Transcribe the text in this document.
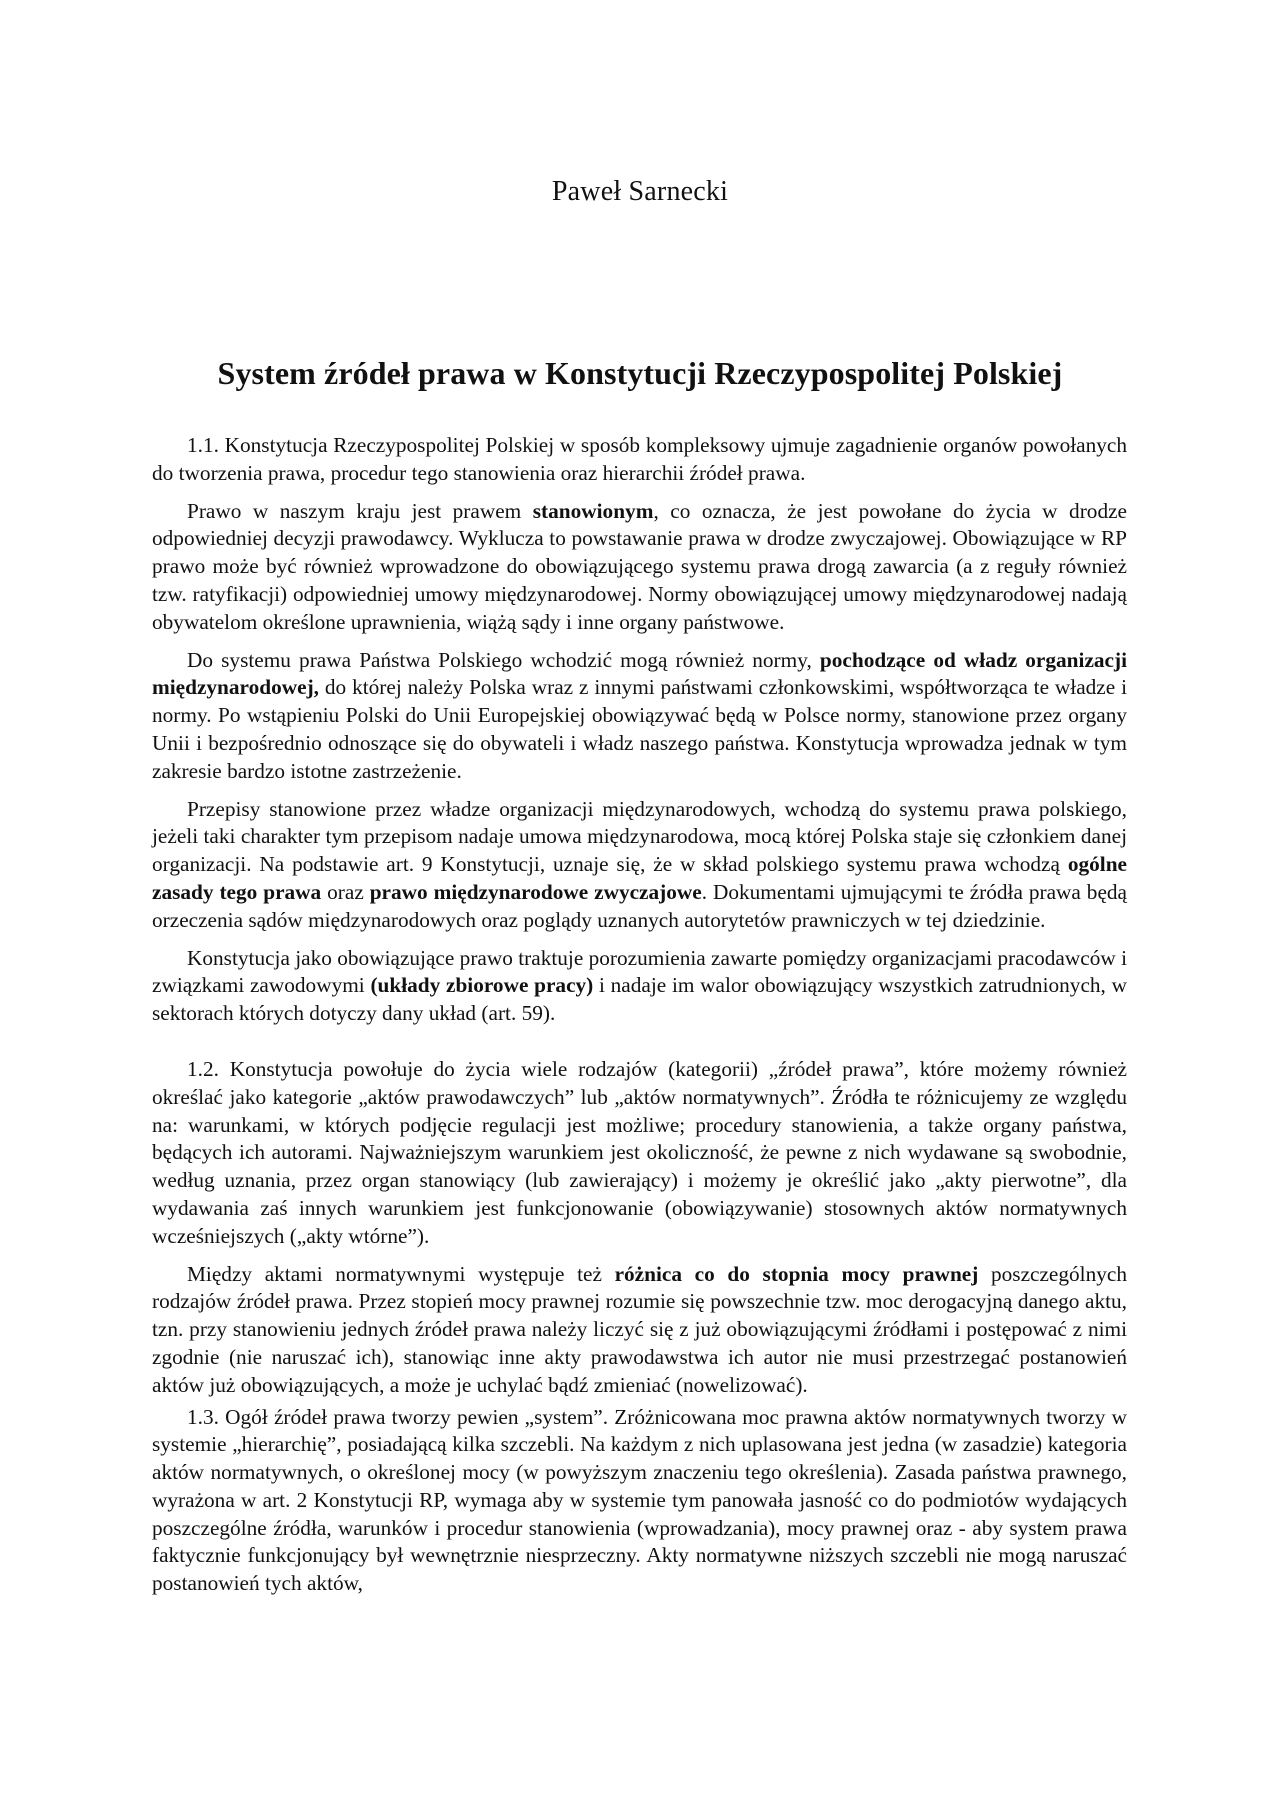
Paweł Sarnecki
System źródeł prawa w Konstytucji Rzeczypospolitej Polskiej

1.1. Konstytucja Rzeczypospolitej Polskiej w sposób kompleksowy ujmuje zagadnienie organów powołanych do tworzenia prawa, procedur tego stanowienia oraz hierarchii źródeł prawa.

Prawo w naszym kraju jest prawem stanowionym, co oznacza, że jest powołane do życia w drodze odpowiedniej decyzji prawodawcy. Wyklucza to powstawanie prawa w drodze zwyczajowej. Obowiązujące w RP prawo może być również wprowadzone do obowiązującego systemu prawa drogą zawarcia (a z reguły również tzw. ratyfikacji) odpowiedniej umowy międzynarodowej. Normy obowiązującej umowy międzynarodowej nadają obywatelom określone uprawnienia, wiążą sądy i inne organy państwowe.

Do systemu prawa Państwa Polskiego wchodzić mogą również normy, pochodzące od władz organizacji międzynarodowej, do której należy Polska wraz z innymi państwami członkowskimi, współtworząca te władze i normy. Po wstąpieniu Polski do Unii Europejskiej obowiązywać będą w Polsce normy, stanowione przez organy Unii i bezpośrednio odnoszące się do obywateli i władz naszego państwa. Konstytucja wprowadza jednak w tym zakresie bardzo istotne zastrzeżenie.

Przepisy stanowione przez władze organizacji międzynarodowych, wchodzą do systemu prawa polskiego, jeżeli taki charakter tym przepisom nadaje umowa międzynarodowa, mocą której Polska staje się członkiem danej organizacji. Na podstawie art. 9 Konstytucji, uznaje się, że w skład polskiego systemu prawa wchodzą ogólne zasady tego prawa oraz prawo międzynarodowe zwyczajowe. Dokumentami ujmującymi te źródła prawa będą orzeczenia sądów międzynarodowych oraz poglądy uznanych autorytetów prawniczych w tej dziedzinie.

Konstytucja jako obowiązujące prawo traktuje porozumienia zawarte pomiędzy organizacjami pracodawców i związkami zawodowymi (układy zbiorowe pracy) i nadaje im walor obowiązujący wszystkich zatrudnionych, w sektorach których dotyczy dany układ (art. 59).

1.2. Konstytucja powołuje do życia wiele rodzajów (kategorii) „źródeł prawa”, które możemy również określać jako kategorie „aktów prawodawczych” lub „aktów normatywnych”. Źródła te różnicujemy ze względu na: warunkami, w których podjęcie regulacji jest możliwe; procedury stanowienia, a także organy państwa, będących ich autorami. Najważniejszym warunkiem jest okoliczność, że pewne z nich wydawane są swobodnie, według uznania, przez organ stanowiący (lub zawierający) i możemy je określić jako „akty pierwotne”, dla wydawania zaś innych warunkiem jest funkcjonowanie (obowiązywanie) stosownych aktów normatywnych wcześniejszych („akty wtórne”).

Między aktami normatywnymi występuje też różnica co do stopnia mocy prawnej poszczególnych rodzajów źródeł prawa. Przez stopień mocy prawnej rozumie się powszechnie tzw. moc derogacyjną danego aktu, tzn. przy stanowieniu jednych źródeł prawa należy liczyć się z już obowiązującymi źródłami i postępować z nimi zgodnie (nie naruszać ich), stanowiąc inne akty prawodawstwa ich autor nie musi przestrzegać postanowień aktów już obowiązujących, a może je uchylać bądź zmieniać (nowelizować).

1.3. Ogół źródeł prawa tworzy pewien „system”. Zróżnicowana moc prawna aktów normatywnych tworzy w systemie „hierarchię”, posiadającą kilka szczebli. Na każdym z nich uplasowana jest jedna (w zasadzie) kategoria aktów normatywnych, o określonej mocy (w powyższym znaczeniu tego określenia). Zasada państwa prawnego, wyrażona w art. 2 Konstytucji RP, wymaga aby w systemie tym panowała jasność co do podmiotów wydających poszczególne źródła, warunków i procedur stanowienia (wprowadzania), mocy prawnej oraz - aby system prawa faktycznie funkcjonujący był wewnętrznie niesprzeczny. Akty normatywne niższych szczebli nie mogą naruszać postanowień tych aktów,
